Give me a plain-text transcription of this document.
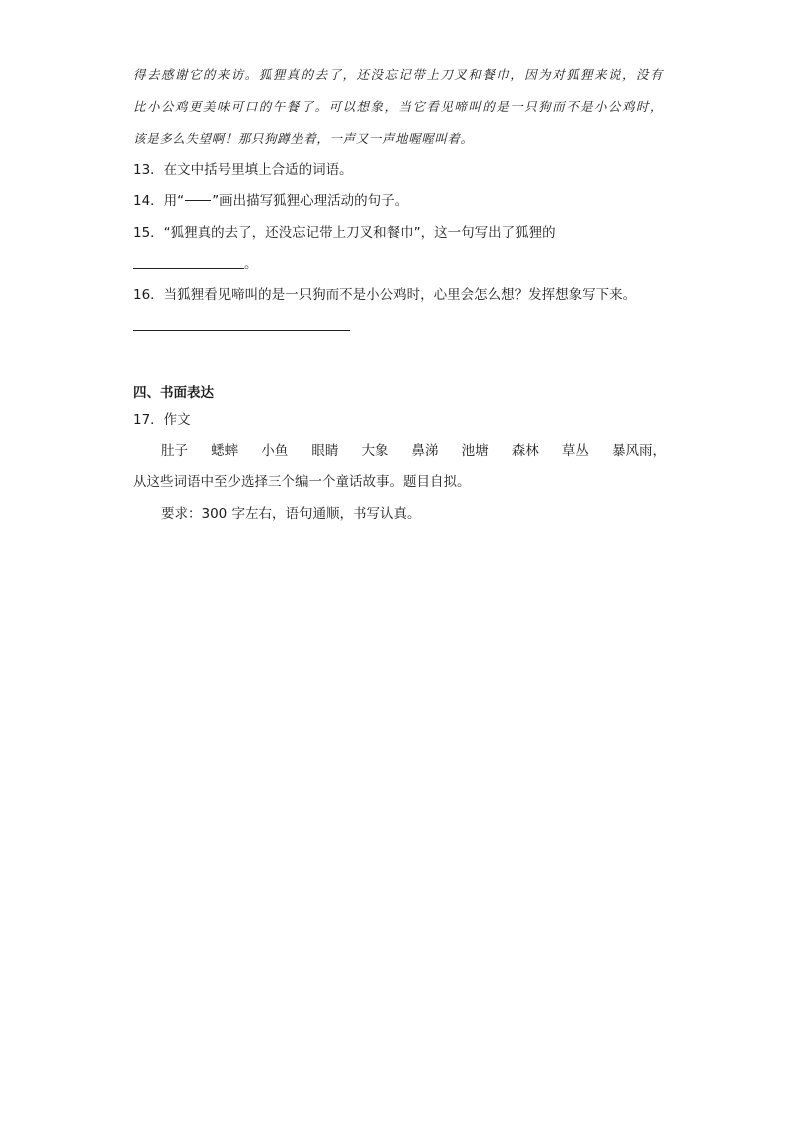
得去感谢它的来访。狐狸真的去了，还没忘记带上刀叉和餐巾，因为对狐狸来说，没有
比小公鸡更美味可口的午餐了。可以想象，当它看见啼叫的是一只狗而不是小公鸡时，
该是多么失望啊！那只狗蹲坐着，一声又一声地喔喔叫着。
13．在文中括号里填上合适的词语。
14．用“ ”画出描写狐狸心理活动的句子。
15．“狐狸真的去了，还没忘记带上刀叉和餐巾”，这一句写出了狐狸的
。
16．当狐狸看见啼叫的是一只狗而不是小公鸡时，心里会怎么想？发挥想象写下来。
四、书面表达
17．作文
肚子 蟋蟀 小鱼 眼睛 大象 鼻涕 池塘 森林 草丛 暴风雨，
从这些词语中至少选择三个编一个童话故事。题目自拟。
要求：300 字左右，语句通顺，书写认真。
